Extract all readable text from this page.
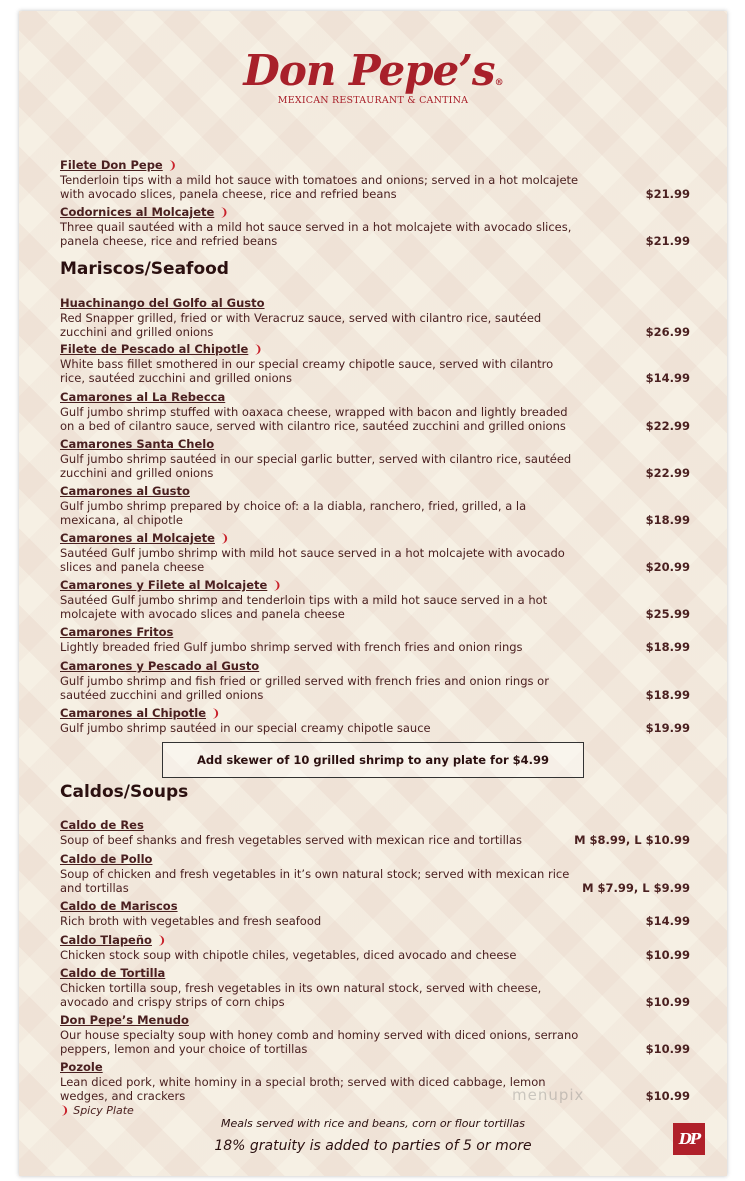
Don Pepe’s®
MEXICAN RESTAURANT & CANTINA
Filete Don Pepe ❩
Tenderloin tips with a mild hot sauce with tomatoes and onions; served in a hot molcajete with avocado slices, panela cheese, rice and refried beans	$21.99
Codornices al Molcajete ❩
Three quail sautéed with a mild hot sauce served in a hot molcajete with avocado slices, panela cheese, rice and refried beans	$21.99
Huachinango del Golfo al Gusto
Red Snapper grilled, fried or with Veracruz sauce, served with cilantro rice, sautéed zucchini and grilled onions	$26.99
Filete de Pescado al Chipotle ❩
White bass fillet smothered in our special creamy chipotle sauce, served with cilantro rice, sautéed zucchini and grilled onions	$14.99
Camarones al La Rebecca
Gulf jumbo shrimp stuffed with oaxaca cheese, wrapped with bacon and lightly breaded on a bed of cilantro sauce, served with cilantro rice, sautéed zucchini and grilled onions	$22.99
Camarones Santa Chelo
Gulf jumbo shrimp sautéed in our special garlic butter, served with cilantro rice, sautéed zucchini and grilled onions	$22.99
Camarones al Gusto
Gulf jumbo shrimp prepared by choice of: a la diabla, ranchero, fried, grilled, a la mexicana, al chipotle	$18.99
Camarones al Molcajete ❩
Sautéed Gulf jumbo shrimp with mild hot sauce served in a hot molcajete with avocado slices and panela cheese	$20.99
Camarones y Filete al Molcajete ❩
Sautéed Gulf jumbo shrimp and tenderloin tips with a mild hot sauce served in a hot molcajete with avocado slices and panela cheese	$25.99
Camarones Fritos
Lightly breaded fried Gulf jumbo shrimp served with french fries and onion rings	$18.99
Camarones y Pescado al Gusto
Gulf jumbo shrimp and fish fried or grilled served with french fries and onion rings or sautéed zucchini and grilled onions	$18.99
Camarones al Chipotle ❩
Gulf jumbo shrimp sautéed in our special creamy chipotle sauce	$19.99
Caldo de Res
Soup of beef shanks and fresh vegetables served with mexican rice and tortillas	M $8.99, L $10.99
Caldo de Pollo
Soup of chicken and fresh vegetables in it’s own natural stock; served with mexican rice and tortillas	M $7.99, L $9.99
Caldo de Mariscos
Rich broth with vegetables and fresh seafood	$14.99
Caldo Tlapeño ❩
Chicken stock soup with chipotle chiles, vegetables, diced avocado and cheese	$10.99
Caldo de Tortilla
Chicken tortilla soup, fresh vegetables in its own natural stock, served with cheese, avocado and crispy strips of corn chips	$10.99
Don Pepe’s Menudo
Our house specialty soup with honey comb and hominy served with diced onions, serrano peppers, lemon and your choice of tortillas	$10.99
Pozole
Lean diced pork, white hominy in a special broth; served with diced cabbage, lemon wedges, and crackers	$10.99
Mariscos/Seafood
Add skewer of 10 grilled shrimp to any plate for $4.99
Caldos/Soups
❩ Spicy Plate
menupix
Meals served with rice and beans, corn or flour tortillas
18% gratuity is added to parties of 5 or more	DP
